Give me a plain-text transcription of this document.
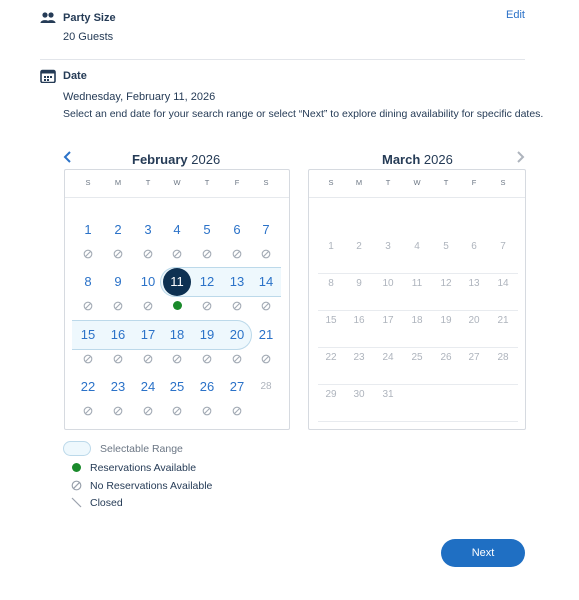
Party Size
20 Guests
Edit
Date
Wednesday, February 11, 2026
Select an end date for your search range or select “Next” to explore dining availability for specific dates.
February 2026	March 2026
S	M	T	W	T	F	S
1	2	3	4	5	6	7
8	9	10	11	12	13	14
15	16	17	18	19	20	21
22	23	24	25	26	27	28
S	M	T	W	T	F	S
1	2	3	4	5	6	7
8	9	10	11	12	13	14
15	16	17	18	19	20	21
22	23	24	25	26	27	28
29	30	31
Selectable Range
Reservations Available
No Reservations Available
Closed
Next
